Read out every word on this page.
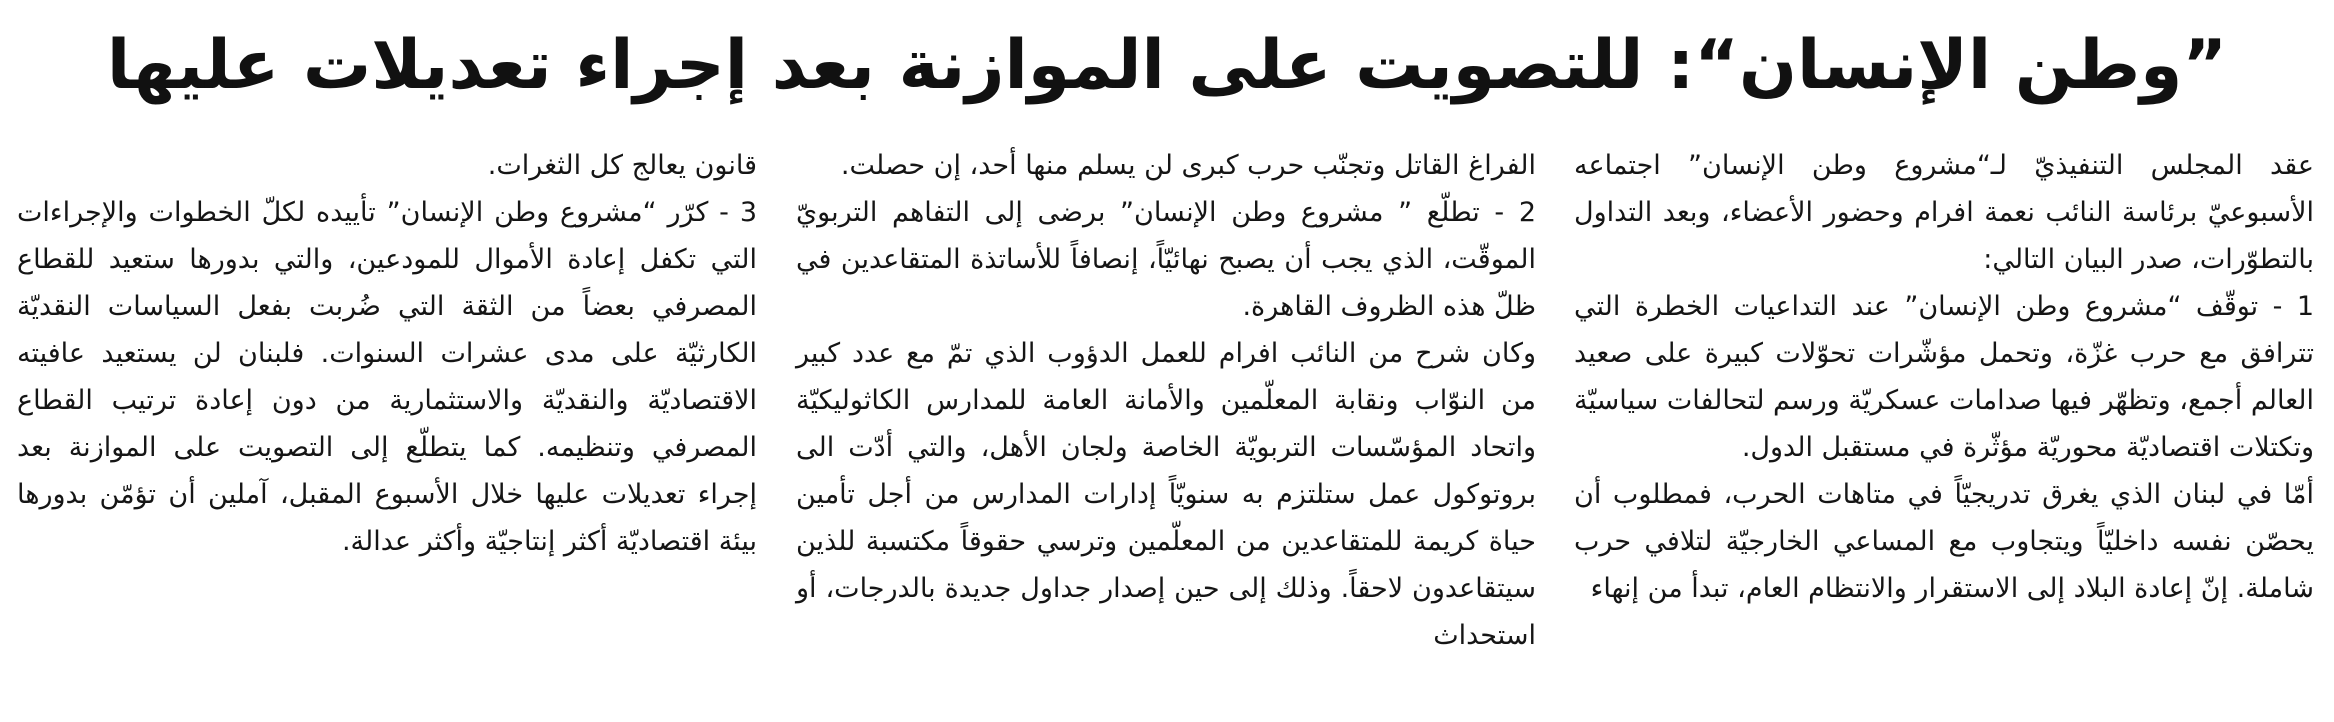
”وطن الإنسان“: للتصويت على الموازنة بعد إجراء تعديلات عليها

عقد المجلس التنفيذيّ لـ“مشروع وطن الإنسان” اجتماعه الأسبوعيّ برئاسة النائب نعمة افرام وحضور الأعضاء، وبعد التداول بالتطوّرات، صدر البيان التالي:

1 - توقّف “مشروع وطن الإنسان” عند التداعيات الخطرة التي تترافق مع حرب غزّة، وتحمل مؤشّرات تحوّلات كبيرة على صعيد العالم أجمع، وتظهّر فيها صدامات عسكريّة ورسم لتحالفات سياسيّة وتكتلات اقتصاديّة محوريّة مؤثّرة في مستقبل الدول.

أمّا في لبنان الذي يغرق تدريجيّاً في متاهات الحرب، فمطلوب أن يحصّن نفسه داخليّاً ويتجاوب مع المساعي الخارجيّة لتلافي حرب شاملة. إنّ إعادة البلاد إلى الاستقرار والانتظام العام، تبدأ من إنهاء

الفراغ القاتل وتجنّب حرب كبرى لن يسلم منها أحد، إن حصلت.

2 - تطلّع ” مشروع وطن الإنسان” برضى إلى التفاهم التربويّ الموقّت، الذي يجب أن يصبح نهائيّاً، إنصافاً للأساتذة المتقاعدين في ظلّ هذه الظروف القاهرة.

وكان شرح من النائب افرام للعمل الدؤوب الذي تمّ مع عدد كبير من النوّاب ونقابة المعلّمين والأمانة العامة للمدارس الكاثوليكيّة واتحاد المؤسّسات التربويّة الخاصة ولجان الأهل، والتي أدّت الى بروتوكول عمل ستلتزم به سنويّاً إدارات المدارس من أجل تأمين حياة كريمة للمتقاعدين من المعلّمين وترسي حقوقاً مكتسبة للذين سيتقاعدون لاحقاً. وذلك إلى حين إصدار جداول جديدة بالدرجات، أو استحداث

قانون يعالج كل الثغرات.

3 - كرّر “مشروع وطن الإنسان” تأييده لكلّ الخطوات والإجراءات التي تكفل إعادة الأموال للمودعين، والتي بدورها ستعيد للقطاع المصرفي بعضاً من الثقة التي ضُربت بفعل السياسات النقديّة الكارثيّة على مدى عشرات السنوات. فلبنان لن يستعيد عافيته الاقتصاديّة والنقديّة والاستثمارية من دون إعادة ترتيب القطاع المصرفي وتنظيمه. كما يتطلّع إلى التصويت على الموازنة بعد إجراء تعديلات عليها خلال الأسبوع المقبل، آملين أن تؤمّن بدورها بيئة اقتصاديّة أكثر إنتاجيّة وأكثر عدالة.
